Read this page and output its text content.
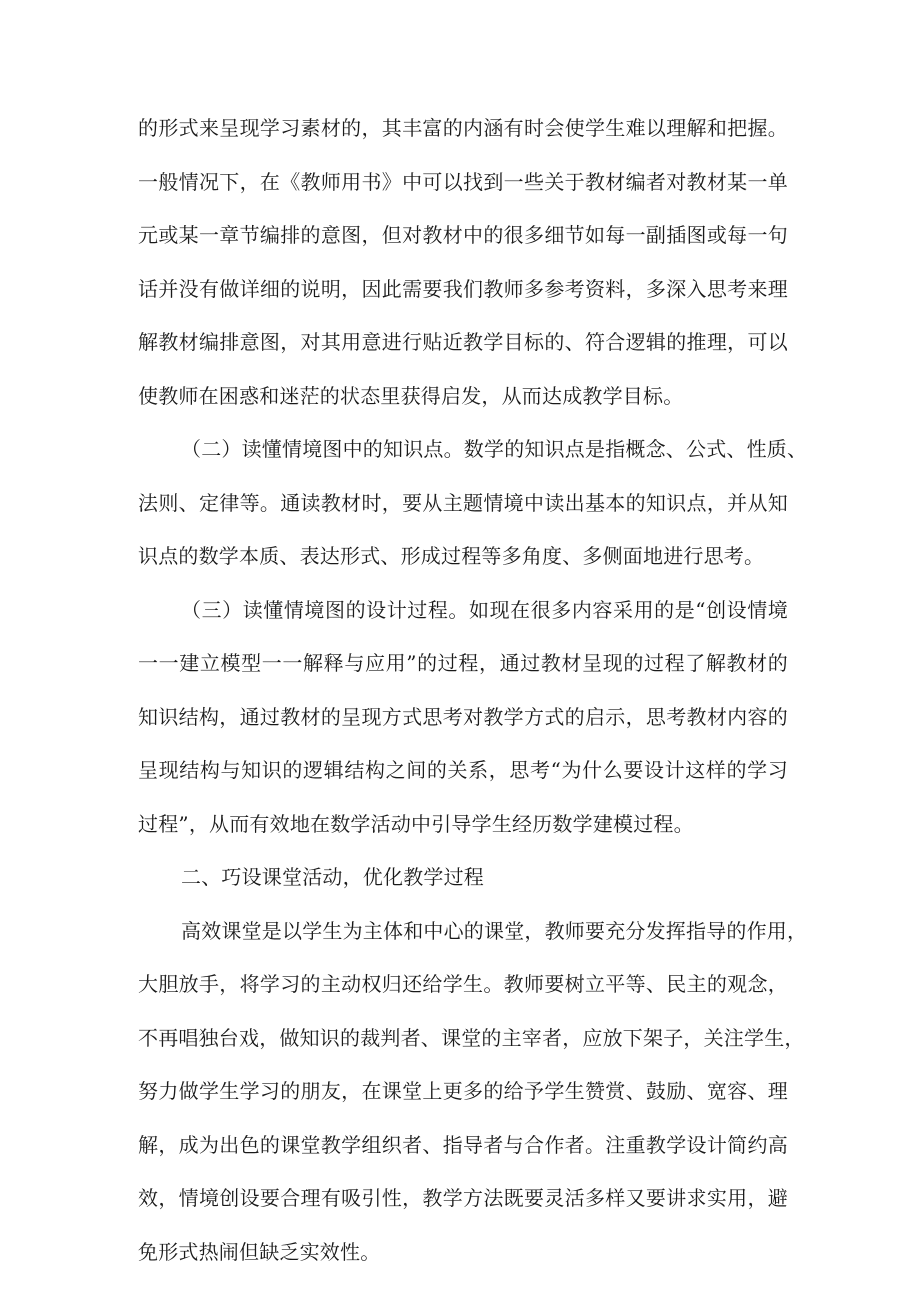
的形式来呈现学习素材的，其丰富的内涵有时会使学生难以理解和把握。
一般情况下，在《教师用书》中可以找到一些关于教材编者对教材某一单
元或某一章节编排的意图，但对教材中的很多细节如每一副插图或每一句
话并没有做详细的说明，因此需要我们教师多参考资料，多深入思考来理
解教材编排意图，对其用意进行贴近教学目标的、符合逻辑的推理，可以
使教师在困惑和迷茫的状态里获得启发，从而达成教学目标。
（二）读懂情境图中的知识点。数学的知识点是指概念、公式、性质、
法则、定律等。通读教材时，要从主题情境中读出基本的知识点，并从知
识点的数学本质、表达形式、形成过程等多角度、多侧面地进行思考。
（三）读懂情境图的设计过程。如现在很多内容采用的是“创设情境
一一建立模型一一解释与应用”的过程，通过教材呈现的过程了解教材的
知识结构，通过教材的呈现方式思考对教学方式的启示，思考教材内容的
呈现结构与知识的逻辑结构之间的关系，思考“为什么要设计这样的学习
过程”，从而有效地在数学活动中引导学生经历数学建模过程。
二、巧设课堂活动，优化教学过程
高效课堂是以学生为主体和中心的课堂，教师要充分发挥指导的作用，
大胆放手，将学习的主动权归还给学生。教师要树立平等、民主的观念，
不再唱独台戏，做知识的裁判者、课堂的主宰者，应放下架子，关注学生，
努力做学生学习的朋友，在课堂上更多的给予学生赞赏、鼓励、宽容、理
解，成为出色的课堂教学组织者、指导者与合作者。注重教学设计简约高
效，情境创设要合理有吸引性，教学方法既要灵活多样又要讲求实用，避
免形式热闹但缺乏实效性。
